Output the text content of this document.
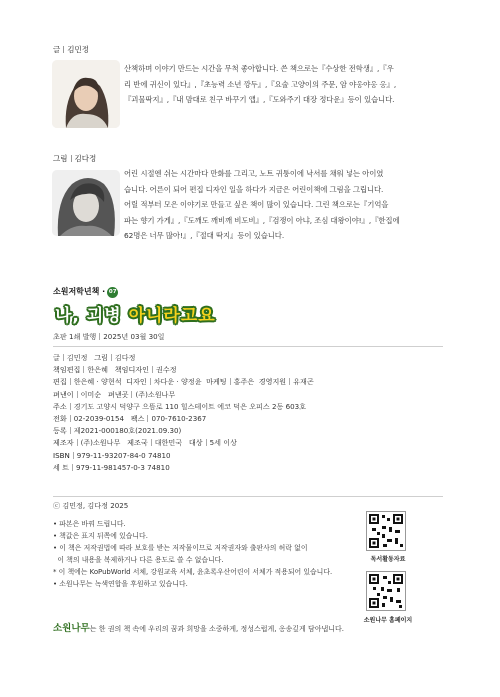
글 김민정
산책하며 이야기 만드는 시간을 무척 좋아합니다. 쓴 책으로는『수상한 전학생』,『우
리 반에 귀신이 있다』,『초능력 소년 깡두』,『요술 고양이의 주문, 암 야옹야옹 옹』,
『괴물딱지』,『내 맘대로 친구 바꾸기 앱』,『도와주기 대장 정다운』등이 있습니다.
그림 김다정
어린 시절엔 쉬는 시간마다 만화를 그리고, 노트 귀퉁이에 낙서를 채워 넣는 아이였
습니다. 어른이 되어 편집 디자인 일을 하다가 지금은 어린이책에 그림을 그립니다.
어릴 적부터 모은 이야기로 만들고 싶은 책이 많이 있습니다. 그린 책으로는『기억을
파는 향기 가게』,『도깨도 깨비깨 비도비』,『검쟁이 아냐, 조심 대왕이야!』,『한집에
62명은 너무 많아!』,『절대 딱지』등이 있습니다.
소원저학년책 · 07
나, 괴병 아니라고요
초판 1쇄 발행 2025년 03월 30일
글 김민정 그림 김다정
책임편집 한은혜 책임디자인 권수정
편집 한은혜 · 양현석 디자인 차다운 · 양정윤 마케팅 홍주은 경영지원 유재곤
펴낸이 이미순 펴낸곳 (주)소원나무
주소 경기도 고양시 덕양구 으뜸로 110 힐스테이트 에코 덕은 오피스 2동 603호
전화 02-2039-0154 팩스 070-7610-2367
등록 제2021-000180호(2021.09.30)
제조자 (주)소원나무 제조국 대한민국 대상 5세 이상
ISBN 979-11-93207-84-0 74810
세 트 979-11-981457-0-3 74810
ⓒ 김민정, 김다정 2025
• 파본은 바꿔 드립니다.
• 책값은 표지 뒤쪽에 있습니다.
• 이 책은 저작권법에 따라 보호를 받는 저작물이므로 저작권자와 출판사의 허락 없이
이 책의 내용을 복제하거나 다른 용도로 쓸 수 없습니다.
* 이 책에는 KoPubWorld 서체, 강원교육 서체, 윤초록우산어린이 서체가 적용되어 있습니다.
• 소원나무는 녹색연합을 후원하고 있습니다.
독서활동자료
소원나무 홈페이지
소원나무는 한 권의 책 속에 우리의 꿈과 희망을 소중하게, 정성스럽게, 옹송깊게 담아냅니다.
